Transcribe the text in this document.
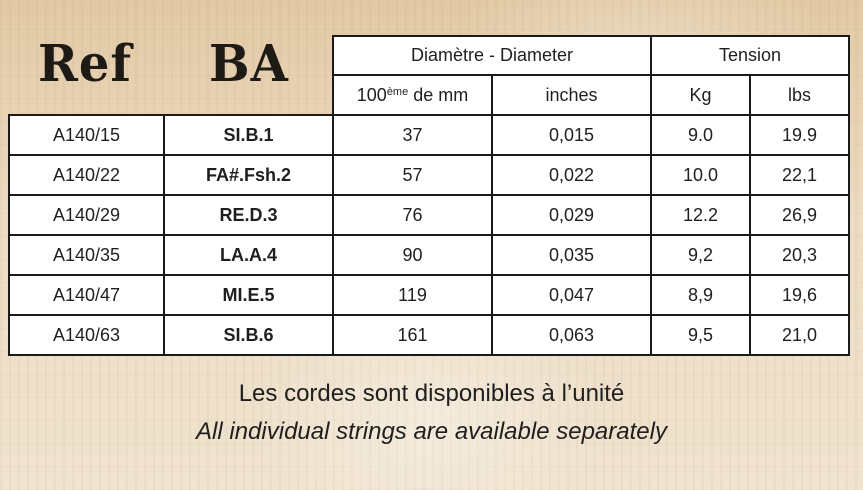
Ref BA	Diamètre - Diameter	Tension
100ème de mm	inches	Kg	lbs
A140/15	SI.B.1	37	0,015	9.0	19.9
A140/22	FA#.Fsh.2	57	0,022	10.0	22,1
A140/29	RE.D.3	76	0,029	12.2	26,9
A140/35	LA.A.4	90	0,035	9,2	20,3
A140/47	MI.E.5	119	0,047	8,9	19,6
A140/63	SI.B.6	161	0,063	9,5	21,0
Les cordes sont disponibles à l’unité
All individual strings are available separately
